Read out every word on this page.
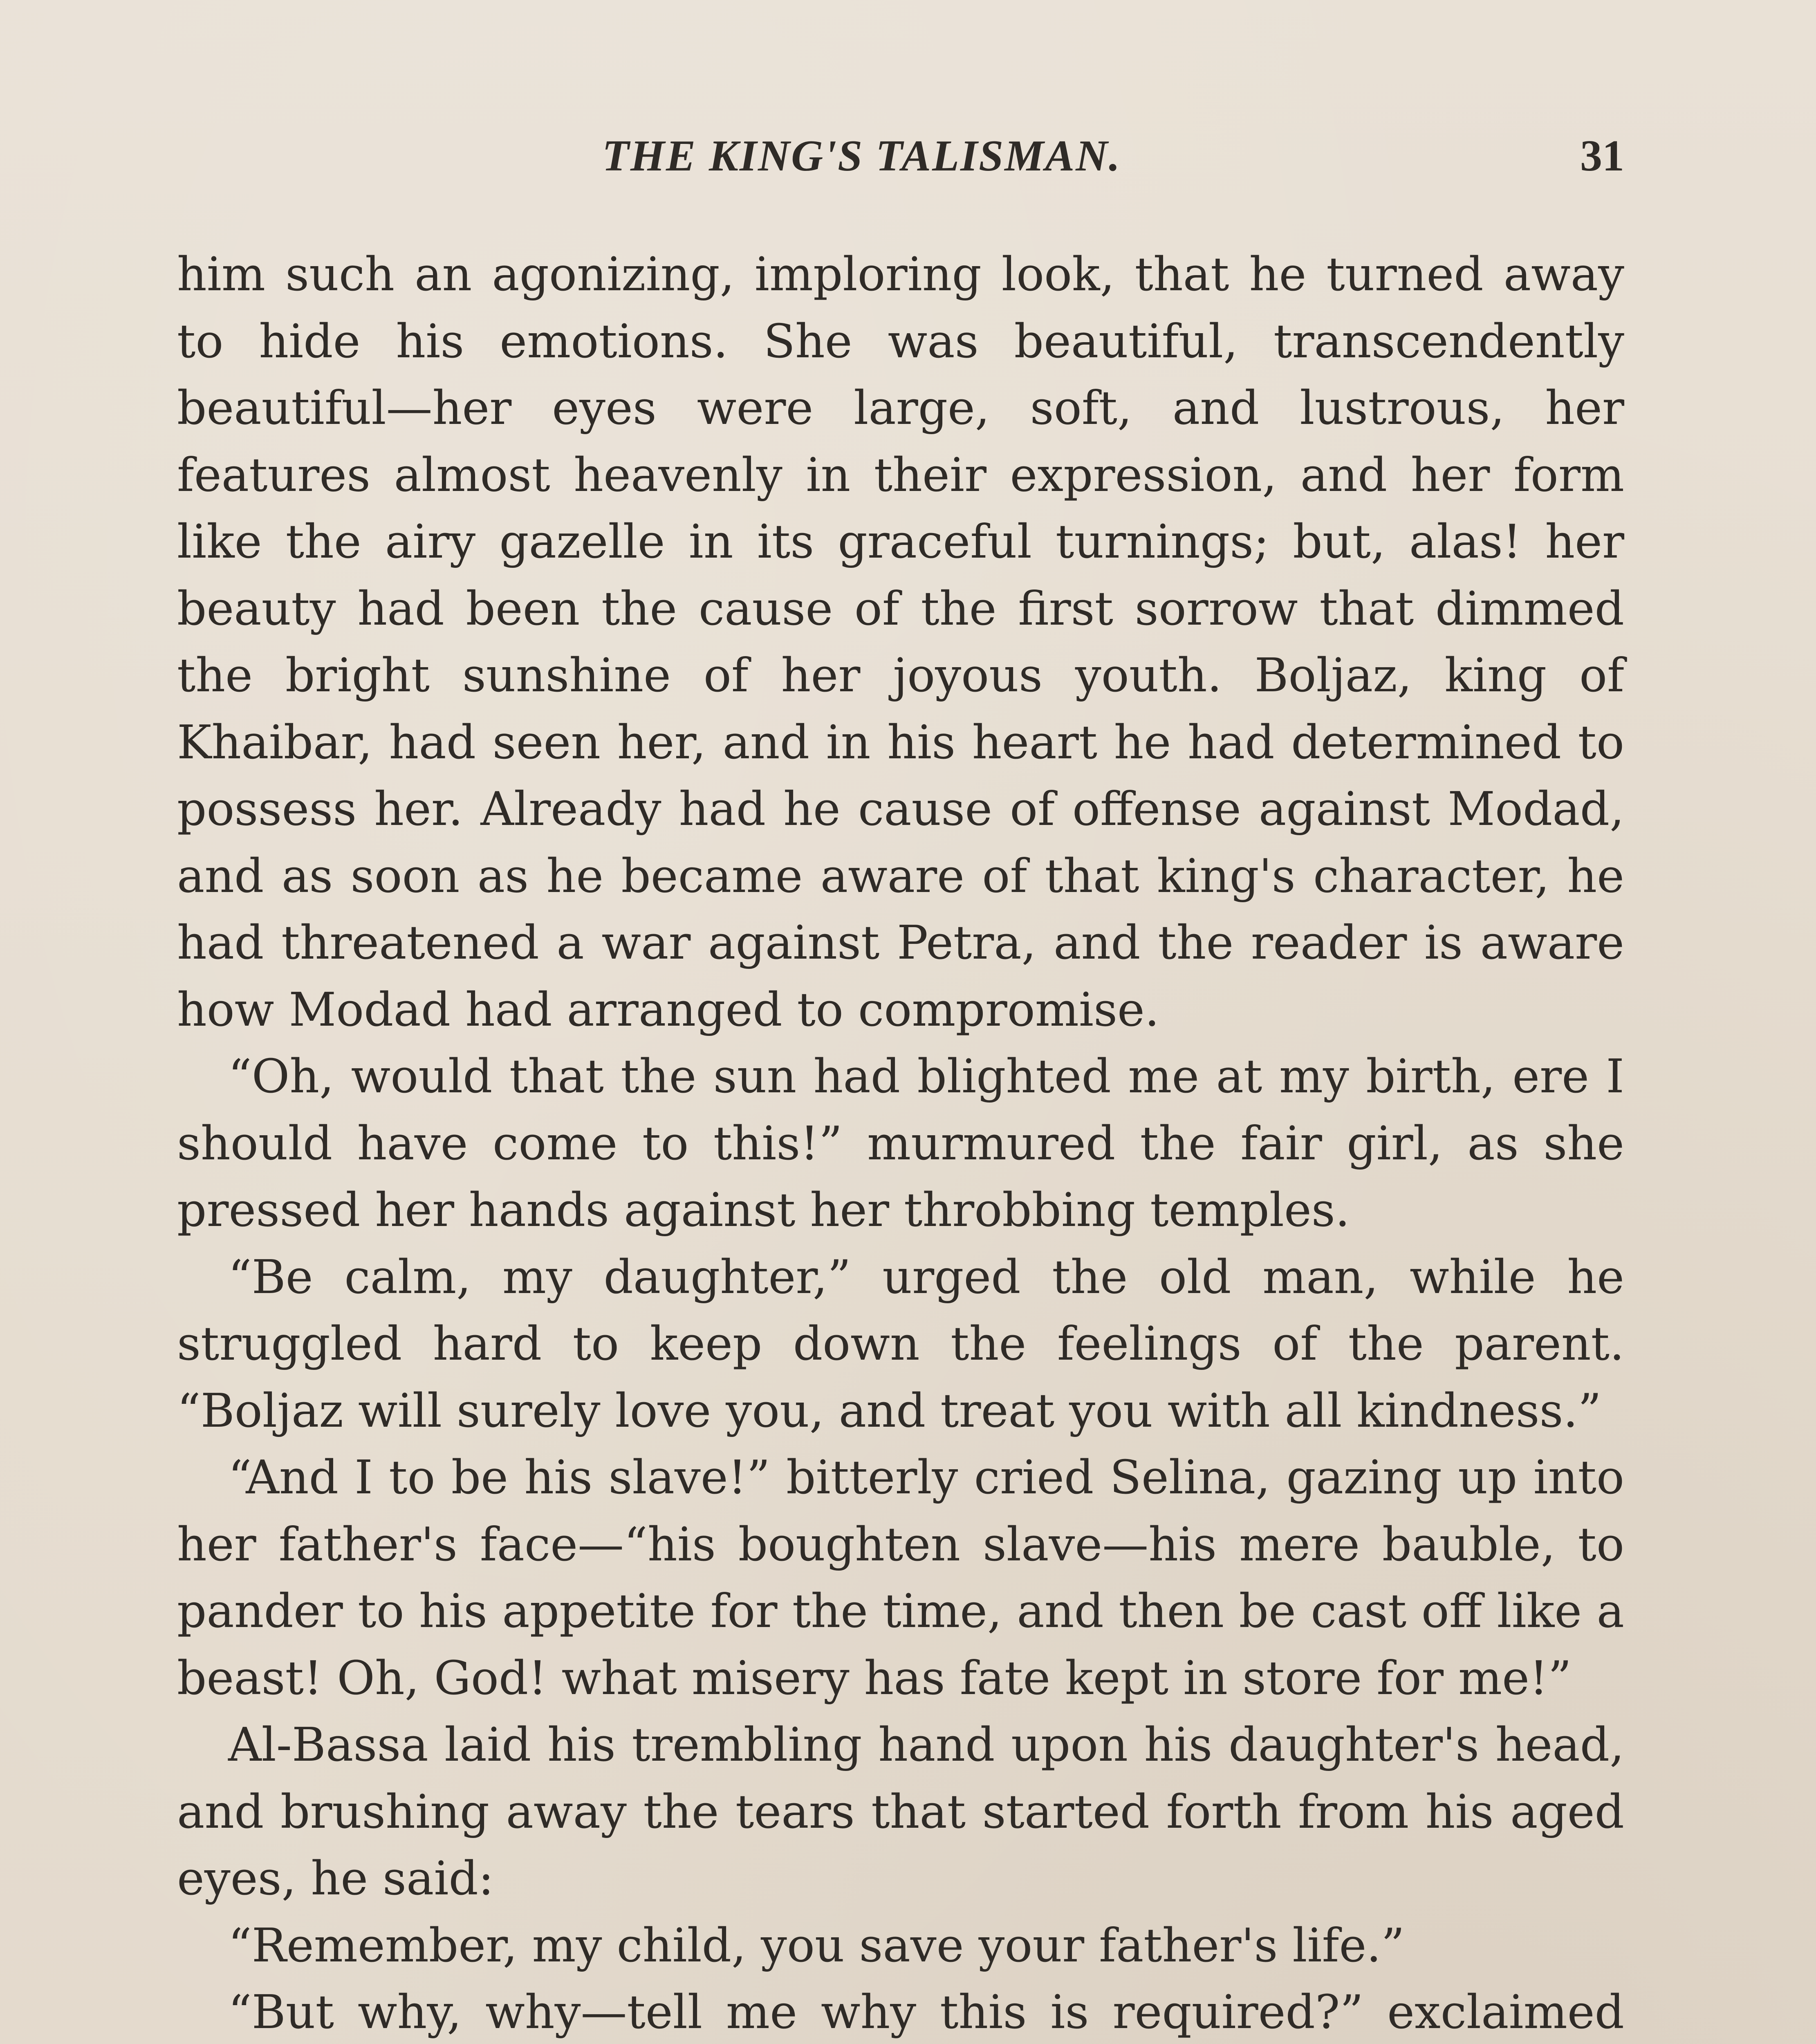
THE KING'S TALISMAN.	31

him such an agonizing, imploring look, that he turned away to hide his emotions. She was beautiful, transcendently beautiful—her eyes were large, soft, and lustrous, her features almost heavenly in their expression, and her form like the airy gazelle in its graceful turnings; but, alas! her beauty had been the cause of the first sorrow that dimmed the bright sunshine of her joyous youth. Boljaz, king of Khaibar, had seen her, and in his heart he had determined to possess her. Already had he cause of offense against Modad, and as soon as he became aware of that king's character, he had threatened a war against Petra, and the reader is aware how Modad had arranged to compromise.

“Oh, would that the sun had blighted me at my birth, ere I should have come to this!” murmured the fair girl, as she pressed her hands against her throbbing temples.

“Be calm, my daughter,” urged the old man, while he struggled hard to keep down the feelings of the parent. “Boljaz will surely love you, and treat you with all kindness.”

“And I to be his slave!” bitterly cried Selina, gazing up into her father's face—“his boughten slave—his mere bauble, to pander to his appetite for the time, and then be cast off like a beast! Oh, God! what misery has fate kept in store for me!”

Al-Bassa laid his trembling hand upon his daughter's head, and brushing away the tears that started forth from his aged eyes, he said:

“Remember, my child, you save your father's life.”

“But why, why—tell me why this is required?” exclaimed
